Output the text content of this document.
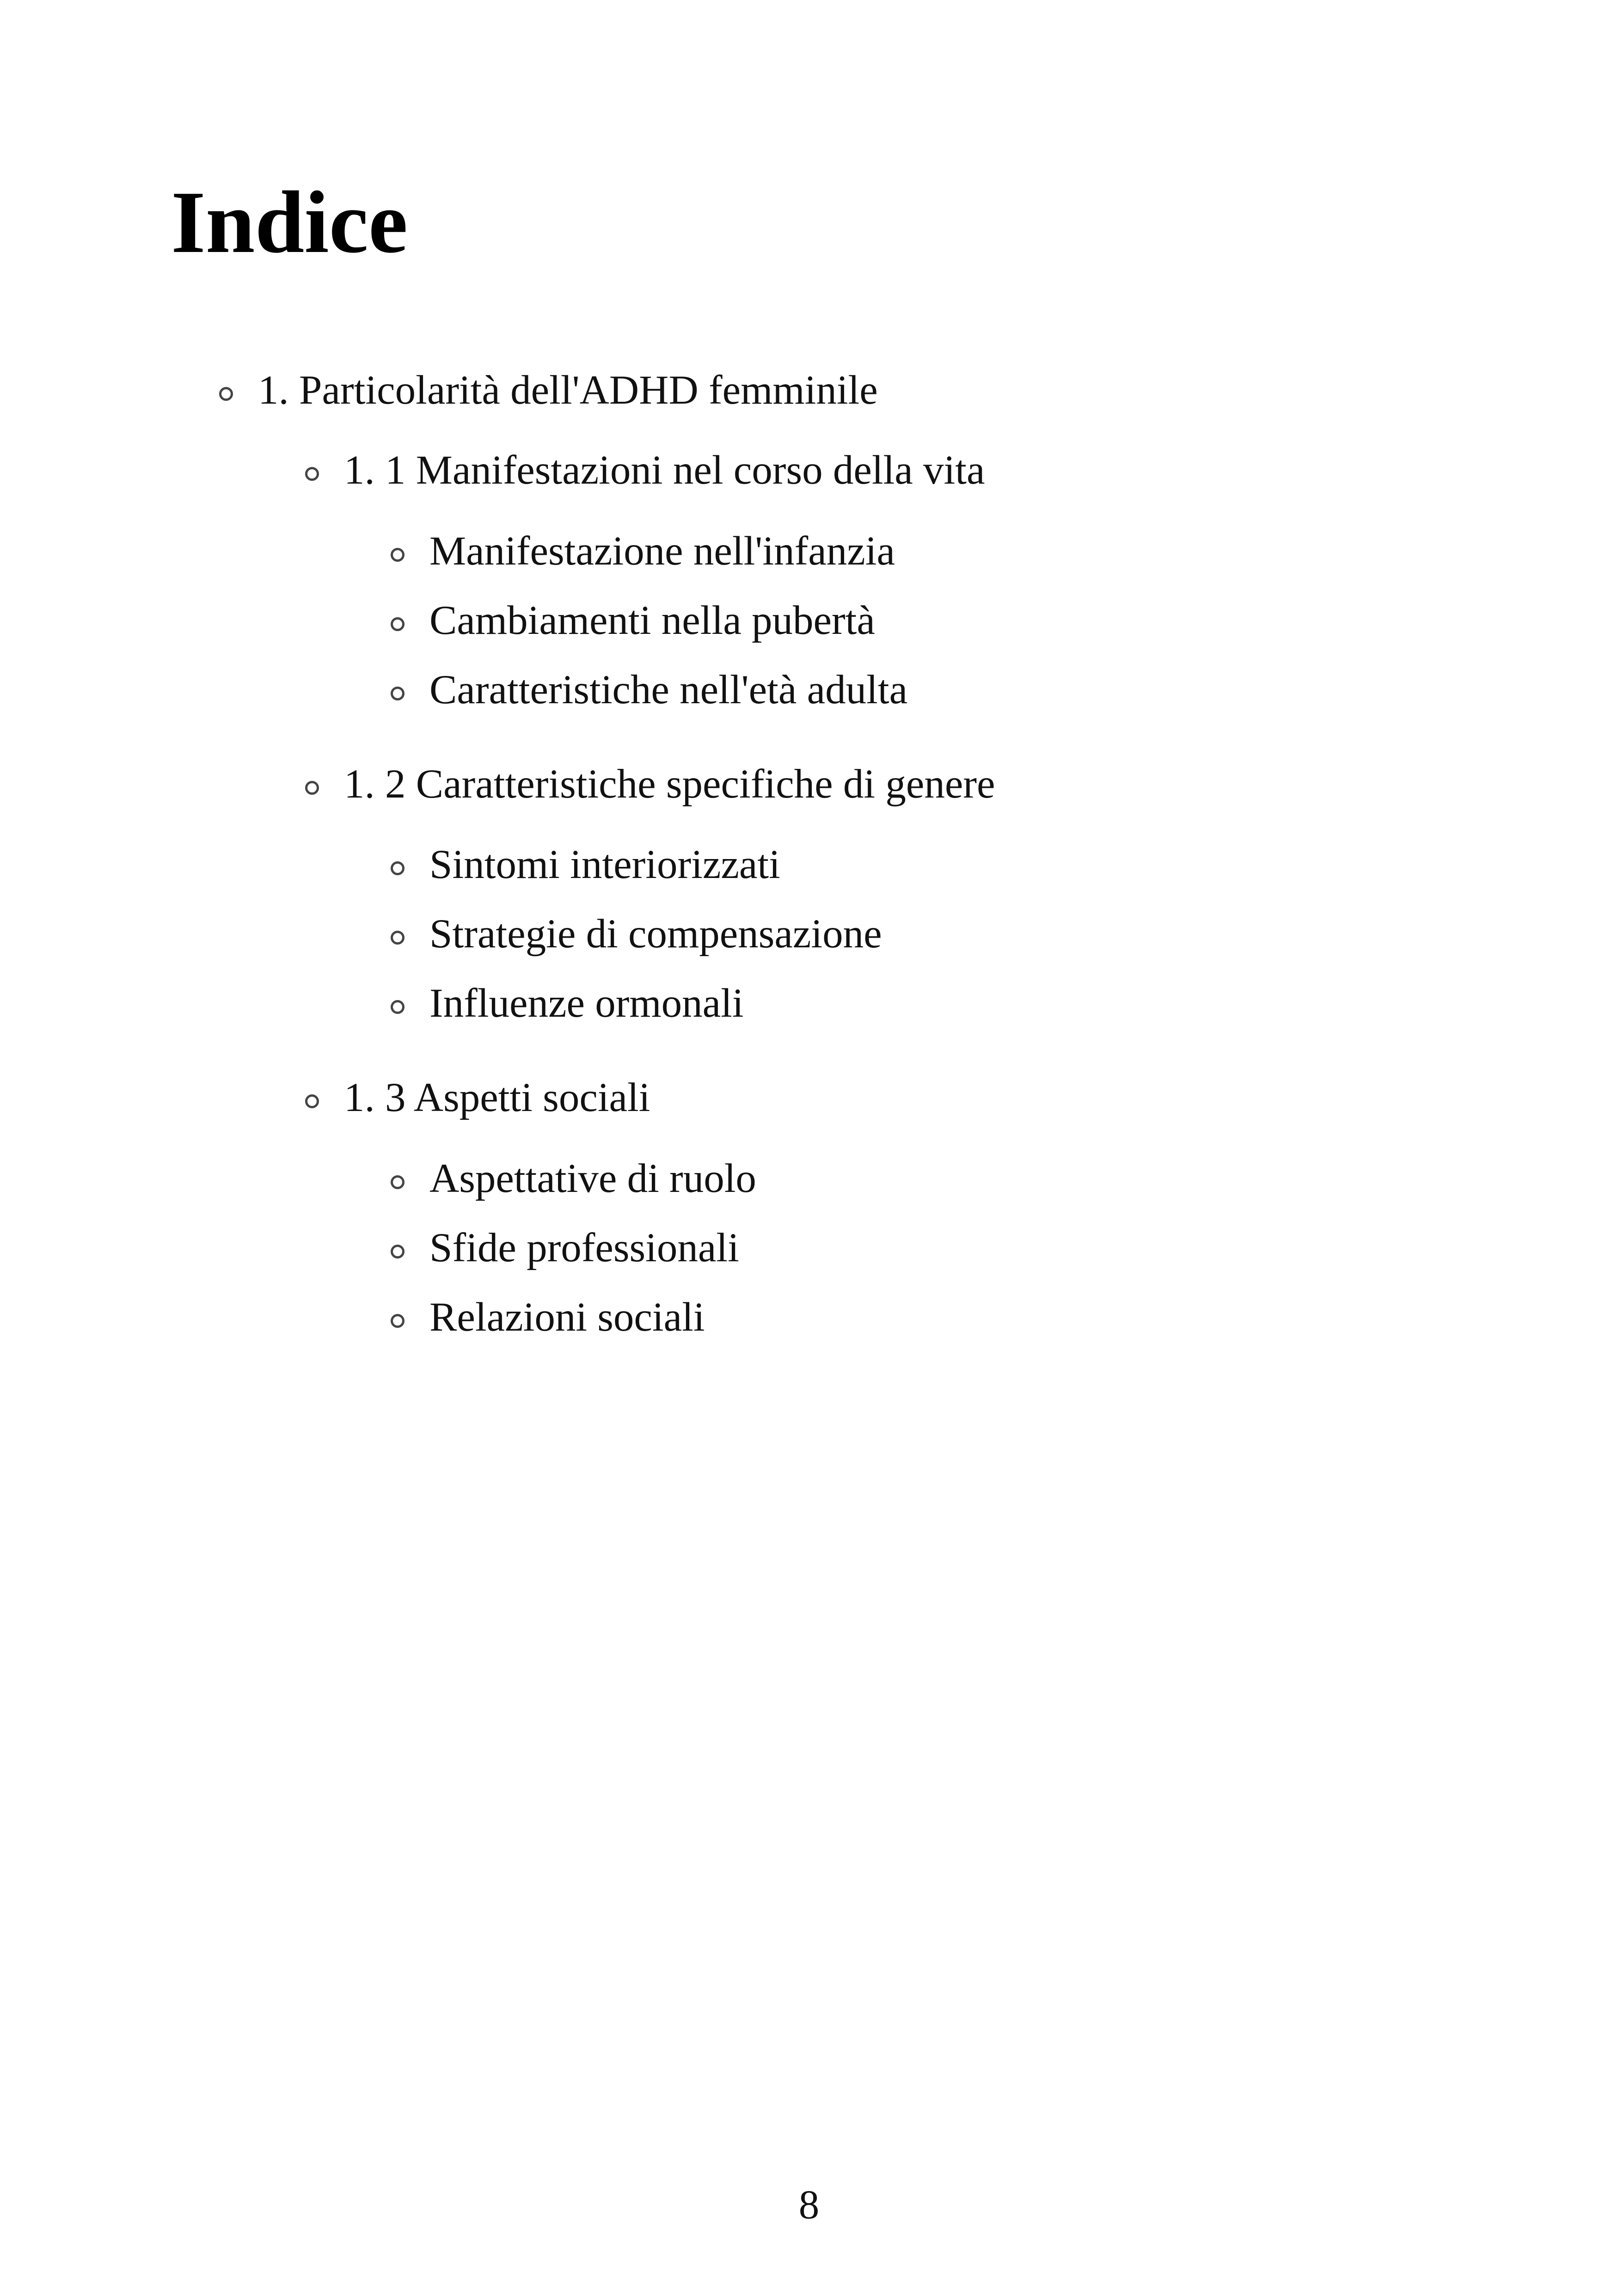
Indice
1. Particolarità dell'ADHD femminile
1. 1 Manifestazioni nel corso della vita
Manifestazione nell'infanzia
Cambiamenti nella pubertà
Caratteristiche nell'età adulta
1. 2 Caratteristiche specifiche di genere
Sintomi interiorizzati
Strategie di compensazione
Influenze ormonali
1. 3 Aspetti sociali
Aspettative di ruolo
Sfide professionali
Relazioni sociali
8
